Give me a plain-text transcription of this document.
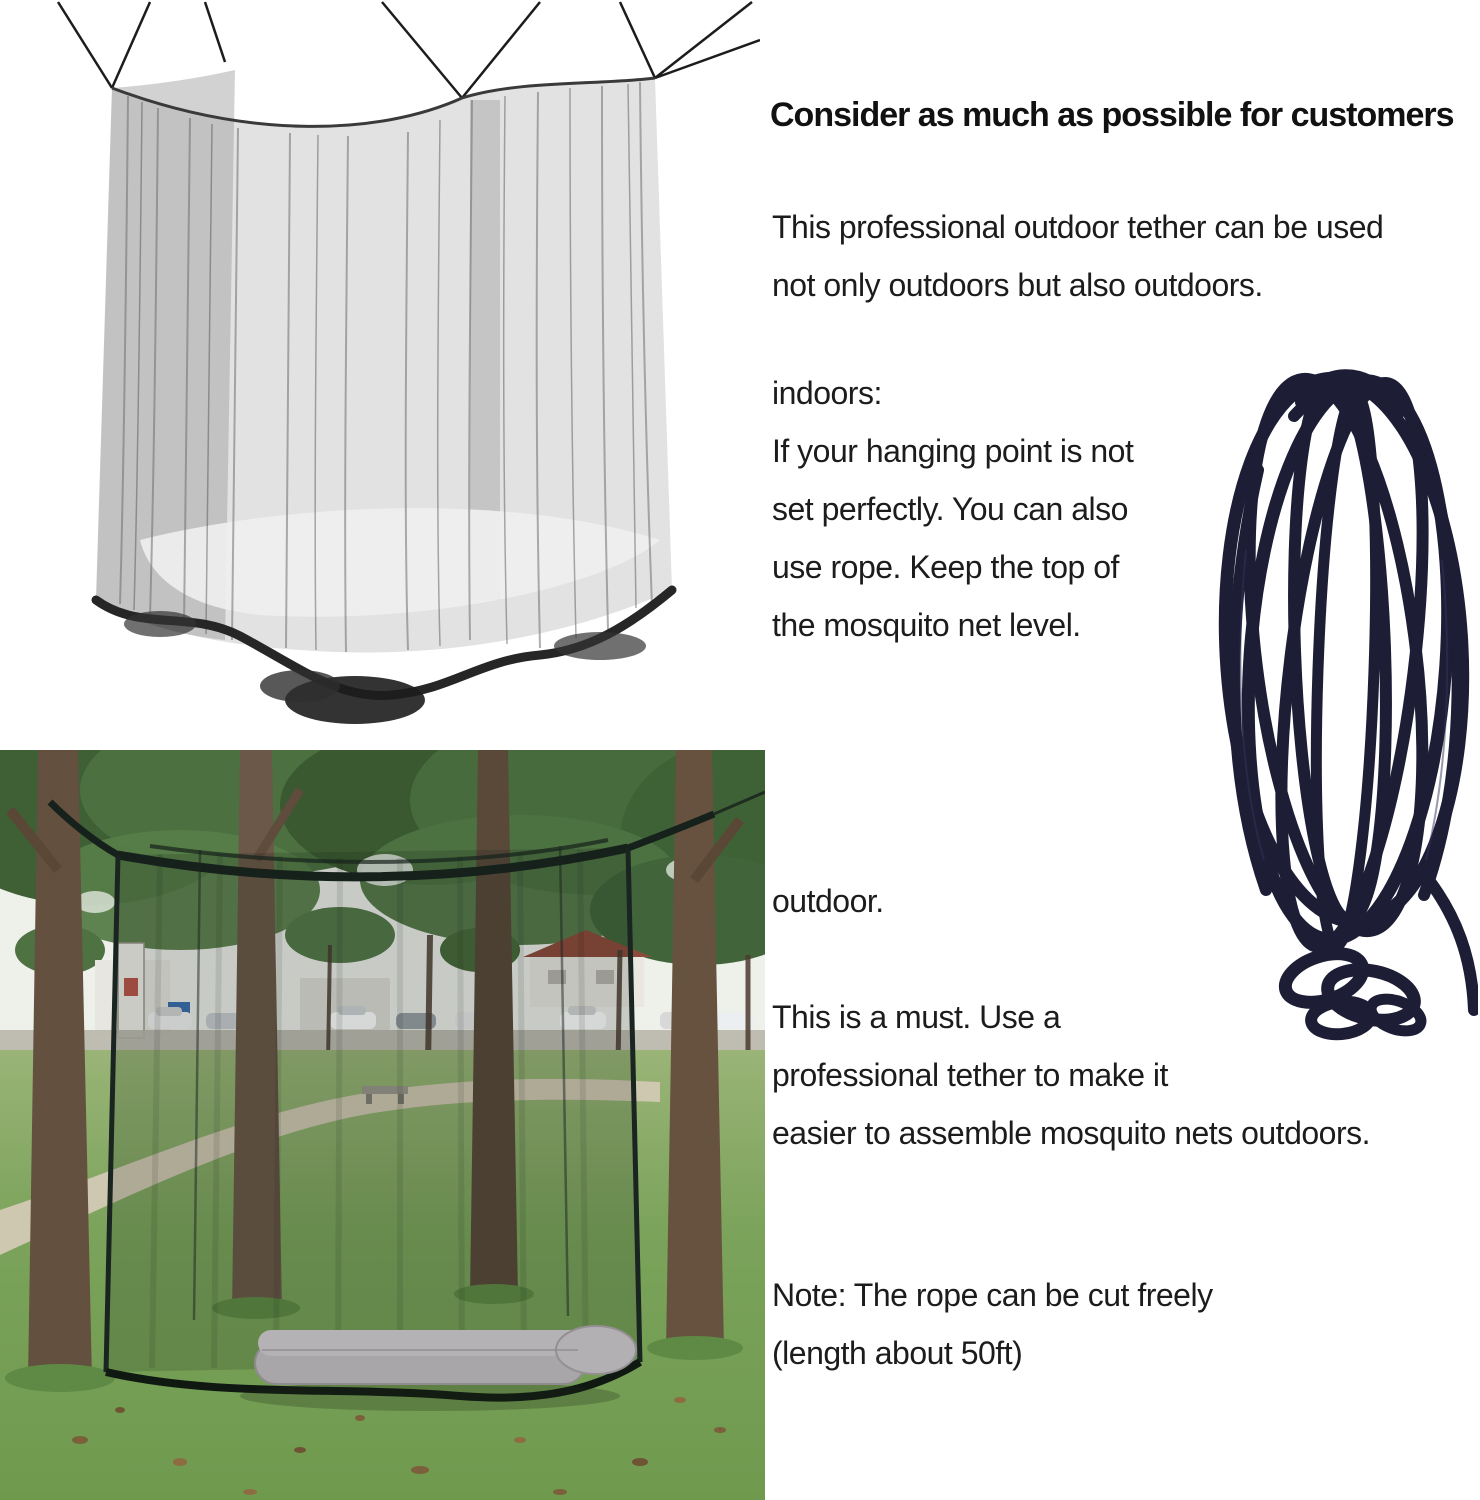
Consider as much as possible for customers
This professional outdoor tether can be used
not only outdoors but also outdoors.
indoors:
If your hanging point is not
set perfectly. You can also
use rope. Keep the top of
the mosquito net level.
outdoor.
This is a must. Use a
professional tether to make it
easier to assemble mosquito nets outdoors.
Note: The rope can be cut freely
(length about 50ft)
